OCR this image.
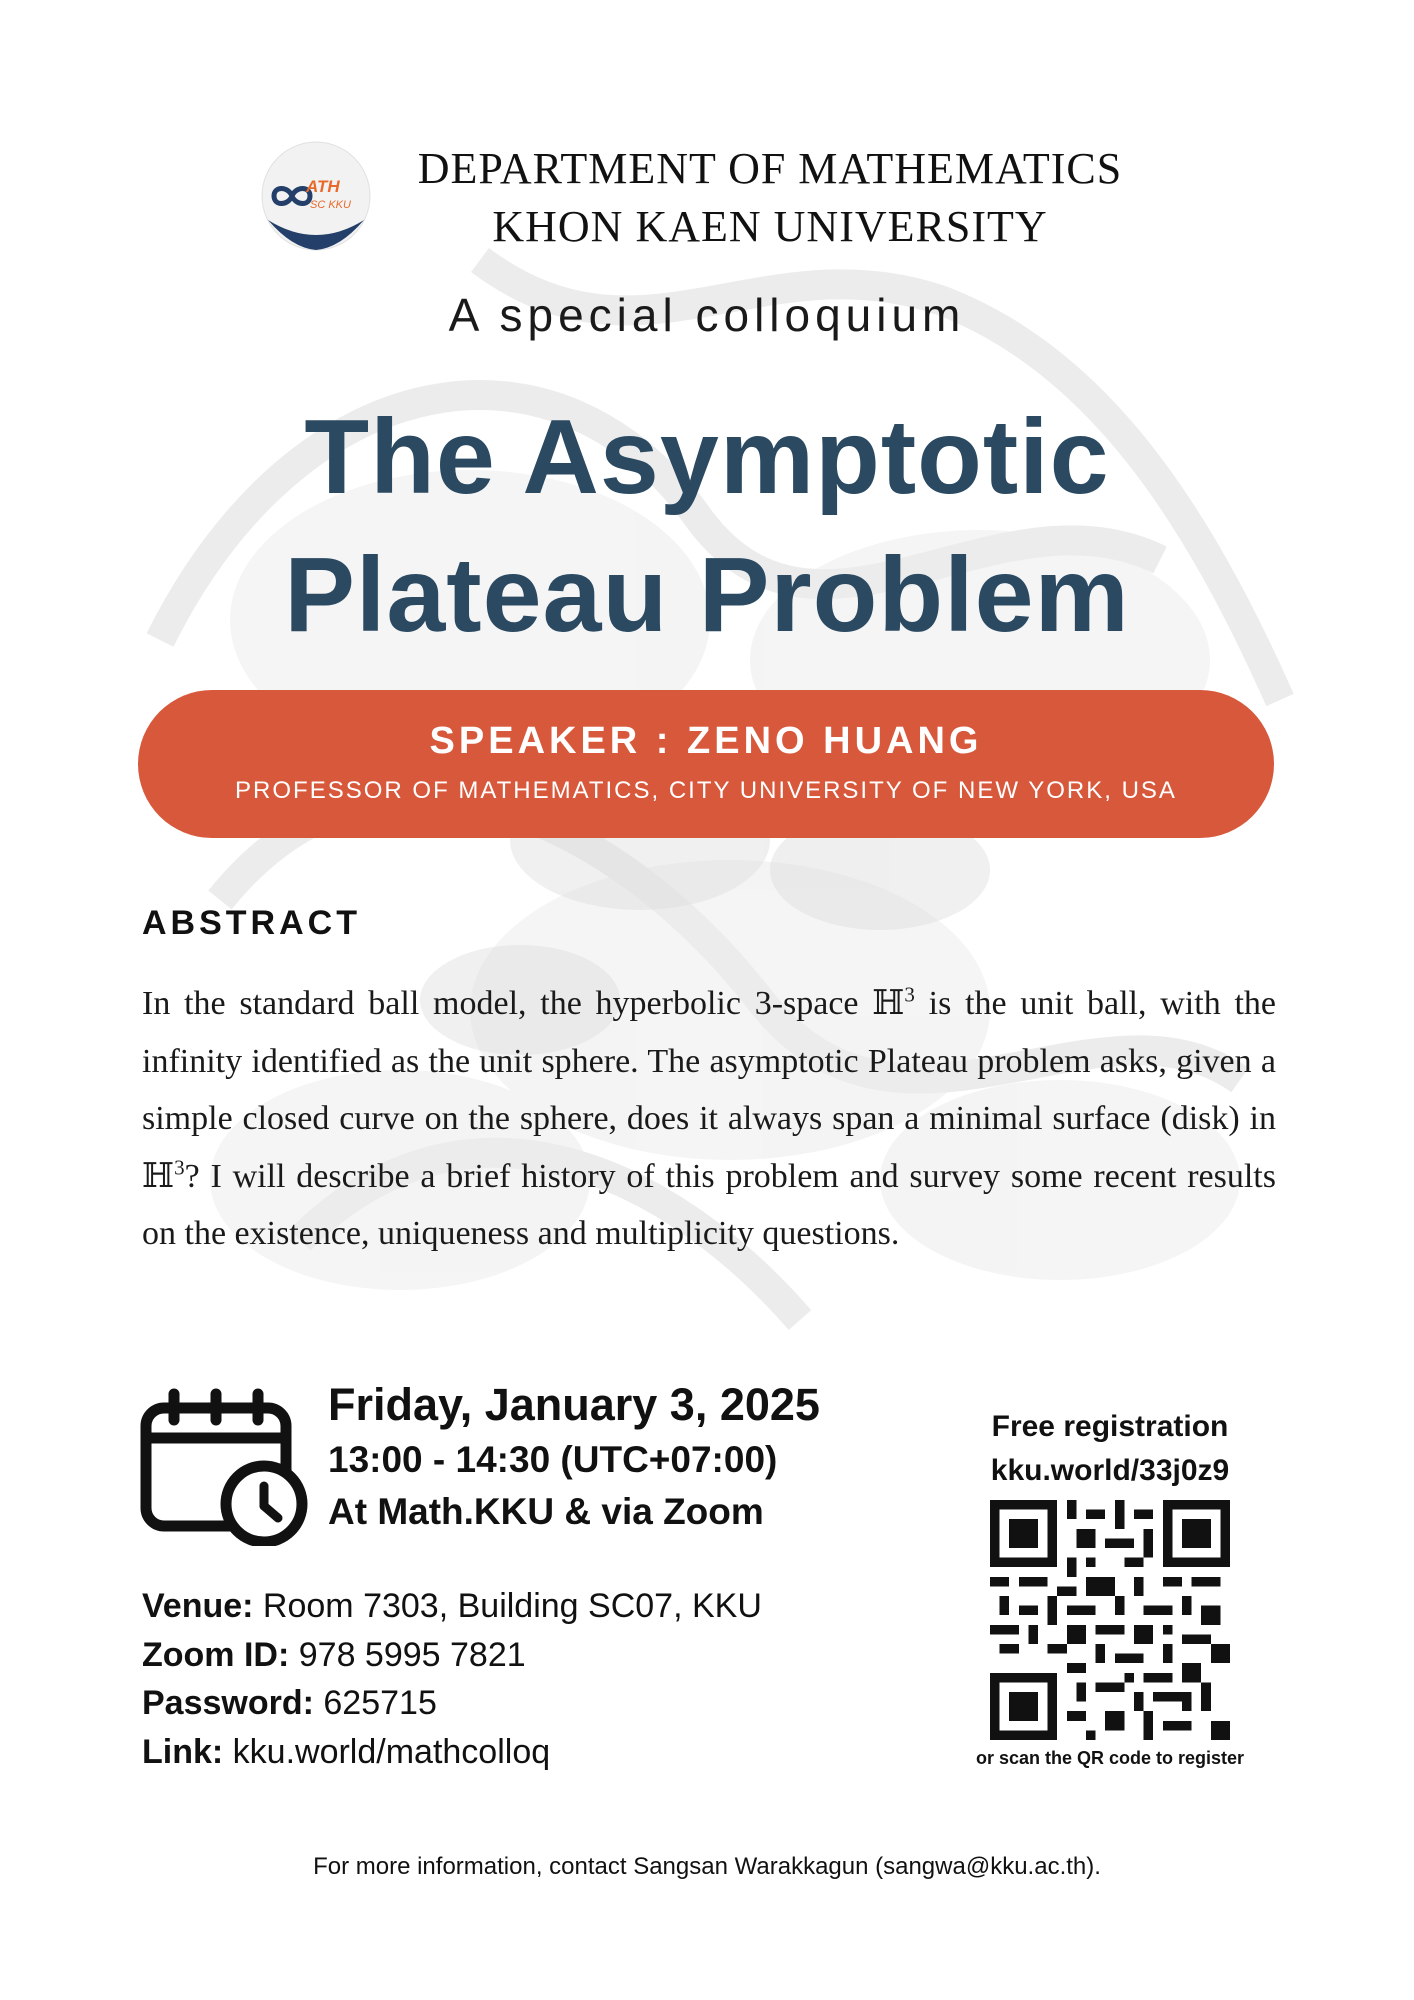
ATH
SC KKU
DEPARTMENT OF MATHEMATICS
KHON KAEN UNIVERSITY
A special colloquium
The Asymptotic
Plateau Problem
SPEAKER : ZENO HUANG
PROFESSOR OF MATHEMATICS, CITY UNIVERSITY OF NEW YORK, USA
ABSTRACT

In the standard ball model, the hyperbolic 3-space ℍ$^3$ is the unit ball, with the infinity identified as the unit sphere. The asymptotic Plateau problem asks, given a simple closed curve on the sphere, does it always span a minimal surface (disk) in ℍ$^3$? I will describe a brief history of this problem and survey some recent results on the existence, uniqueness and multiplicity questions.

Friday, January 3, 2025
13:00 - 14:30 (UTC+07:00)
At Math.KKU & via Zoom
Venue: Room 7303, Building SC07, KKU
Zoom ID: 978 5995 7821
Password: 625715
Link: kku.world/mathcolloq
Free registration
kku.world/33j0z9
or scan the QR code to register
For more information, contact Sangsan Warakkagun (sangwa@kku.ac.th).
